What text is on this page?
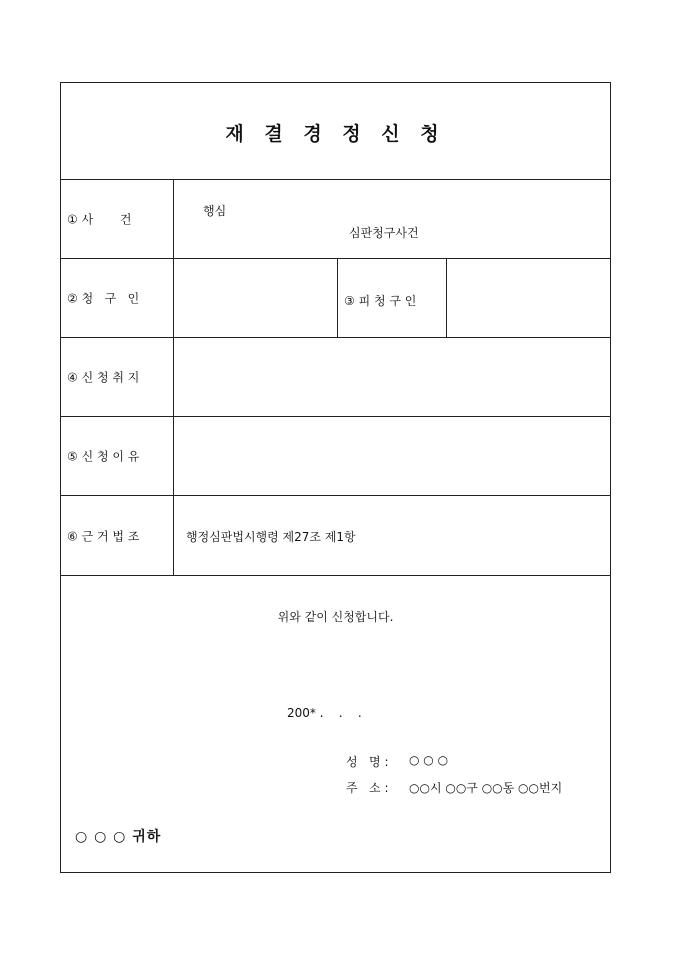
재 결 경 정 신 청
① 사       건
행심
심판청구사건
② 청   구   인	③ 피 청 구 인
④ 신 청 취 지
⑤ 신 청 이 유
⑥ 근 거 법 조	행정심판법시행령 제27조 제1항
위와 같이 신청합니다.
200* .    .    .
성   명 : ○ ○ ○
주   소 : ○○시 ○○구 ○○동 ○○번지
○ ○ ○ 귀하
